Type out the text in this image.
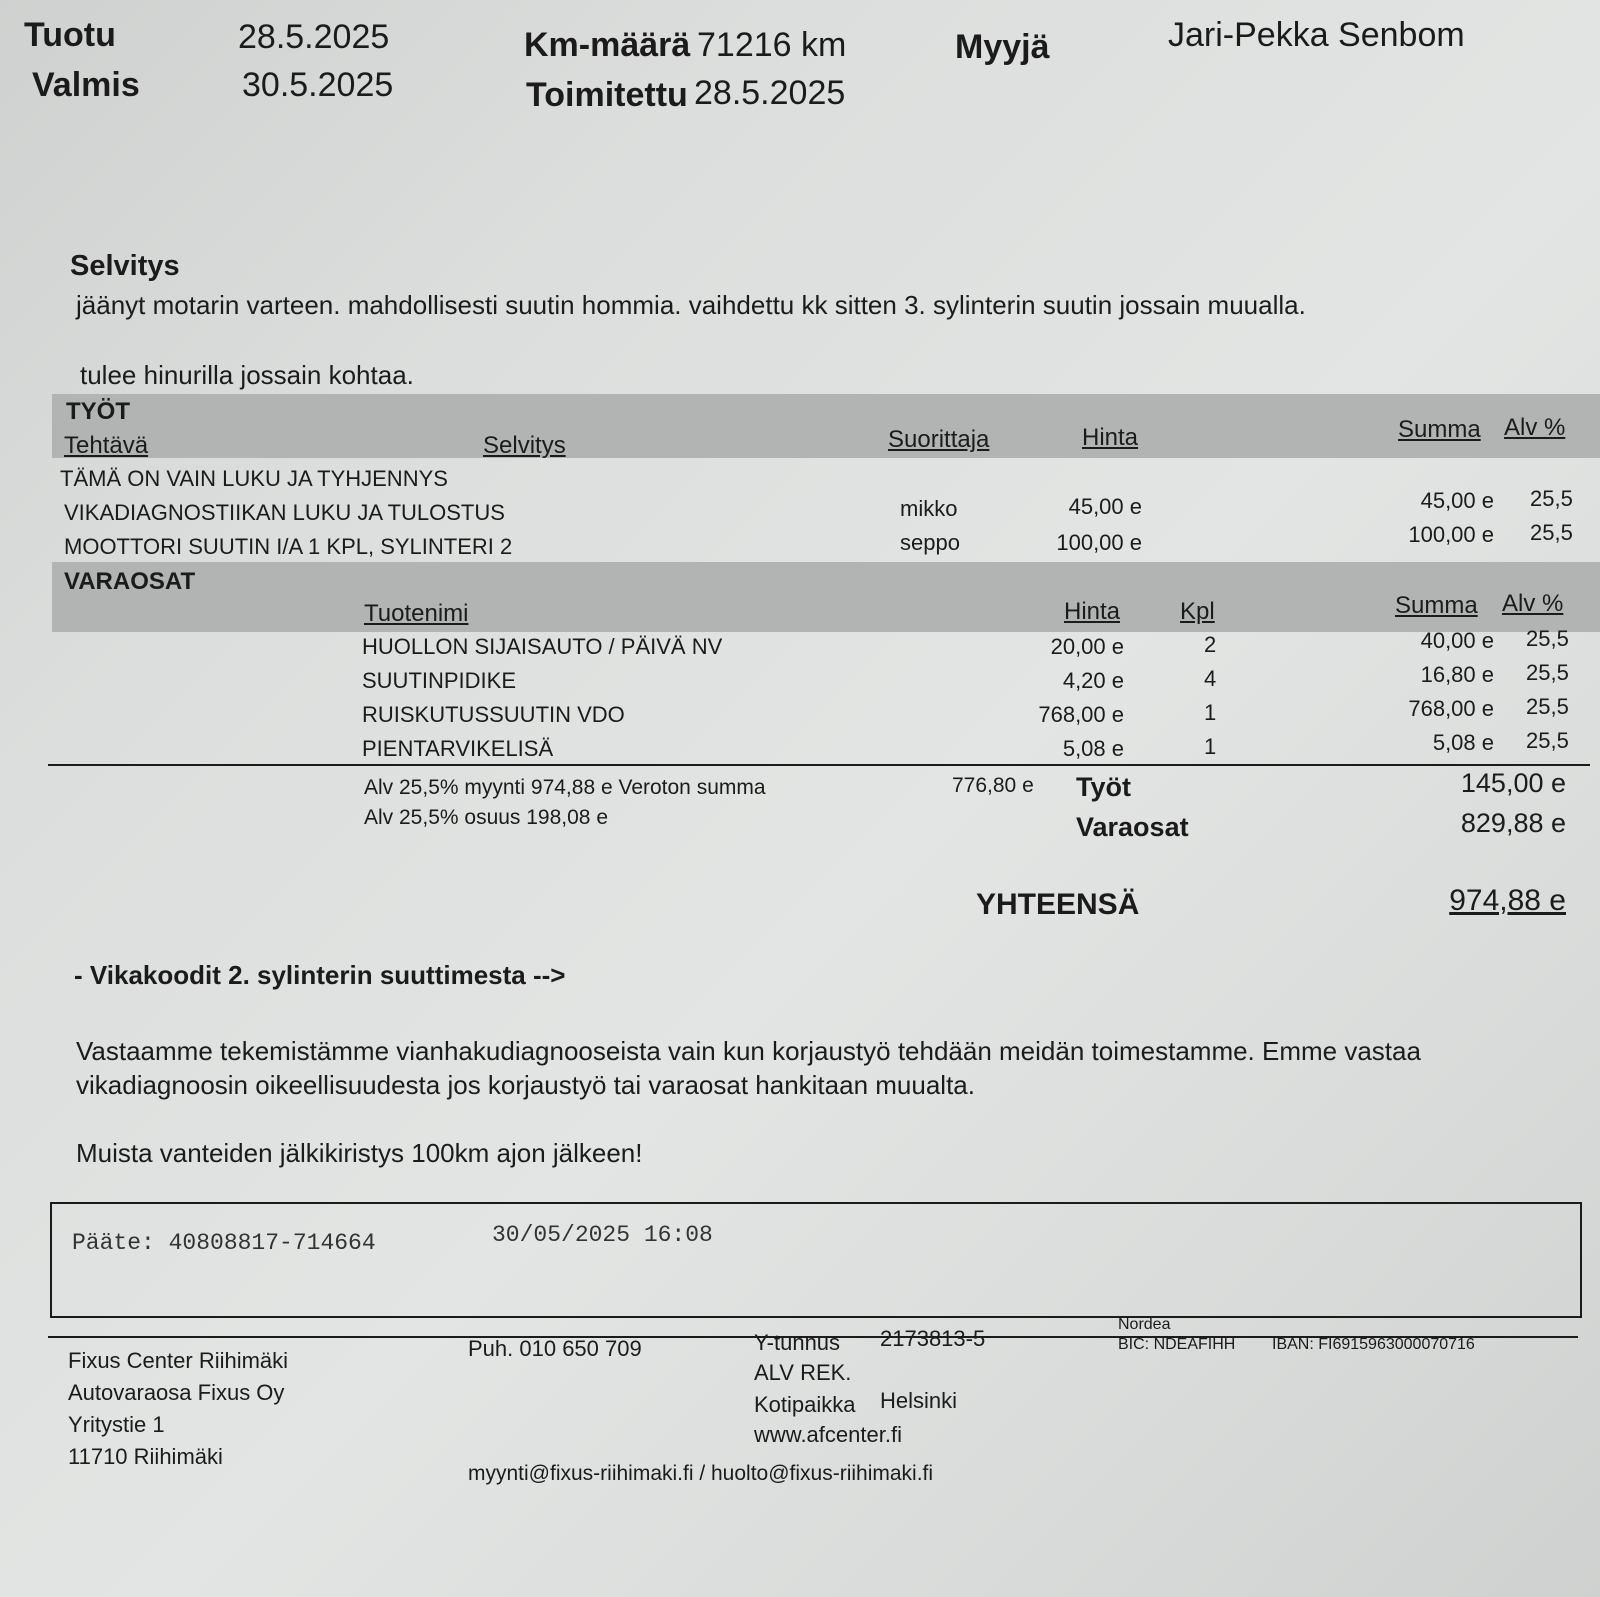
Tuotu	28.5.2025
Valmis	30.5.2025
Km-määrä 71216 km
Toimitettu 28.5.2025
Myyjä	Jari-Pekka Senbom
Selvitys
jäänyt motarin varteen. mahdollisesti suutin hommia. vaihdettu kk sitten 3. sylinterin suutin jossain muualla.
tulee hinurilla jossain kohtaa.
TYÖT
Tehtävä	Selvitys	Suorittaja	Hinta	Summa Alv %
TÄMÄ ON VAIN LUKU JA TYHJENNYS
VIKADIAGNOSTIIKAN LUKU JA TULOSTUS	mikko	45,00 e	45,00 e 25,5
MOOTTORI SUUTIN I/A 1 KPL, SYLINTERI 2	seppo	100,00 e	100,00 e 25,5
VARAOSAT
Tuotenimi	Hinta Kpl	Summa Alv %
HUOLLON SIJAISAUTO / PÄIVÄ NV	20,00 e	2	40,00 e 25,5
SUUTINPIDIKE	4,20 e	4	16,80 e 25,5
RUISKUTUSSUUTIN VDO	768,00 e	1	768,00 e 25,5
PIENTARVIKELISÄ	5,08 e	1	5,08 e 25,5
Alv 25,5% myynti 974,88 e Veroton summa	776,80 e
Alv 25,5% osuus 198,08 e
Työt	145,00 e
Varaosat	829,88 e
YHTEENSÄ	974,88 e
- Vikakoodit 2. sylinterin suuttimesta -->
Vastaamme tekemistämme vianhakudiagnooseista vain kun korjaustyö tehdään meidän toimestamme. Emme vastaa
vikadiagnoosin oikeellisuudesta jos korjaustyö tai varaosat hankitaan muualta.
Muista vanteiden jälkikiristys 100km ajon jälkeen!
Pääte: 40808817-714664	30/05/2025 16:08
Fixus Center Riihimäki
Autovaraosa Fixus Oy
Yritystie 1
11710 Riihimäki
Puh. 010 650 709	Y-tunnus 2173813-5
ALV REK.
Kotipaikka Helsinki
www.afcenter.fi
Nordea
BIC: NDEAFIHH IBAN: FI6915963000070716
myynti@fixus-riihimaki.fi / huolto@fixus-riihimaki.fi
